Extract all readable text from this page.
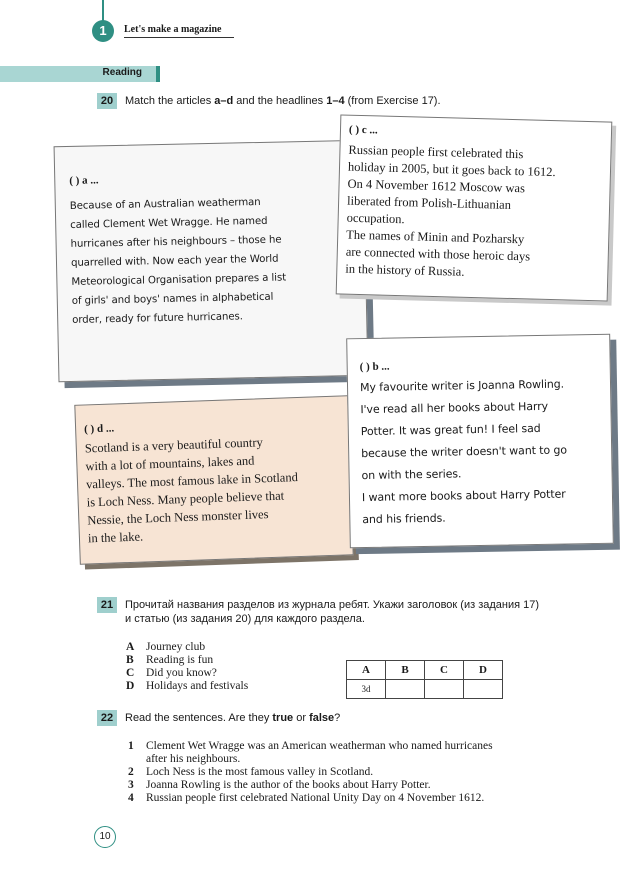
1	Let's make a magazine
Reading
20	Match the articles a–d and the headlines 1–4 (from Exercise 17).
( ) a ...
Because of an Australian weatherman
called Clement Wet Wragge. He named
hurricanes after his neighbours – those he
quarrelled with. Now each year the World
Meteorological Organisation prepares a list
of girls' and boys' names in alphabetical
order, ready for future hurricanes.
( ) c ...
Russian people first celebrated this
holiday in 2005, but it goes back to 1612.
On 4 November 1612 Moscow was
liberated from Polish-Lithuanian
occupation.
The names of Minin and Pozharsky
are connected with those heroic days
in the history of Russia.
( ) d ...
Scotland is a very beautiful country
with a lot of mountains, lakes and
valleys. The most famous lake in Scotland
is Loch Ness. Many people believe that
Nessie, the Loch Ness monster lives
in the lake.
( ) b ...
My favourite writer is Joanna Rowling.
I've read all her books about Harry
Potter. It was great fun! I feel sad
because the writer doesn't want to go
on with the series.
I want more books about Harry Potter
and his friends.
21	Прочитай названия разделов из журнала ребят. Укажи заголовок (из задания 17)
и статью (из задания 20) для каждого раздела.
A	Journey club
B	Reading is fun
C	Did you know?
D	Holidays and festivals
A	B	C	D
3d			
22	Read the sentences. Are they true or false?
1	Clement Wet Wragge was an American weatherman who named hurricanes
after his neighbours.
2	Loch Ness is the most famous valley in Scotland.
3	Joanna Rowling is the author of the books about Harry Potter.
4	Russian people first celebrated National Unity Day on 4 November 1612.
10
